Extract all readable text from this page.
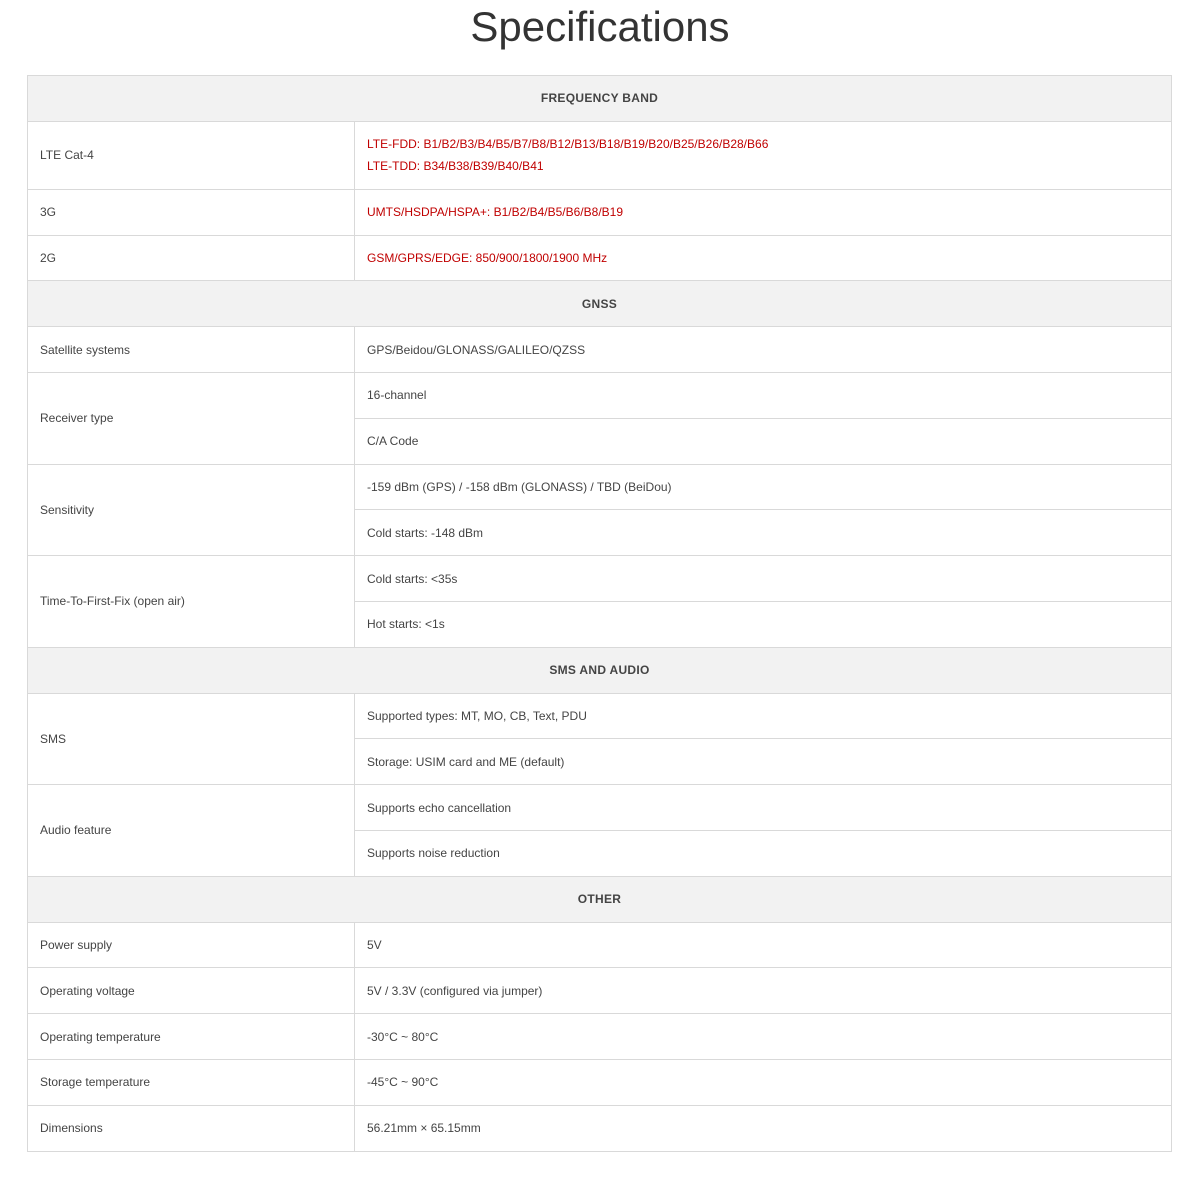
Specifications
FREQUENCY BAND	
LTE Cat-4	LTE-FDD: B1/B2/B3/B4/B5/B7/B8/B12/B13/B18/B19/B20/B25/B26/B28/B66
LTE-TDD: B34/B38/B39/B40/B41

3G	UMTS/HSDPA/HSPA+: B1/B2/B4/B5/B6/B8/B19
2G	GSM/GPRS/EDGE: 850/900/1800/1900 MHz
GNSS	
Satellite systems	GPS/Beidou/GLONASS/GALILEO/QZSS
Receiver type	16-channel
	C/A Code
Sensitivity	-159 dBm (GPS) / -158 dBm (GLONASS) / TBD (BeiDou)
	Cold starts: -148 dBm
Time-To-First-Fix (open air)	Cold starts: <35s
	Hot starts: <1s
SMS AND AUDIO	
SMS	Supported types: MT, MO, CB, Text, PDU
	Storage: USIM card and ME (default)
Audio feature	Supports echo cancellation
	Supports noise reduction
OTHER	
Power supply	5V
Operating voltage	5V / 3.3V (configured via jumper)
Operating temperature	-30°C ~ 80°C
Storage temperature	-45°C ~ 90°C
Dimensions	56.21mm × 65.15mm
